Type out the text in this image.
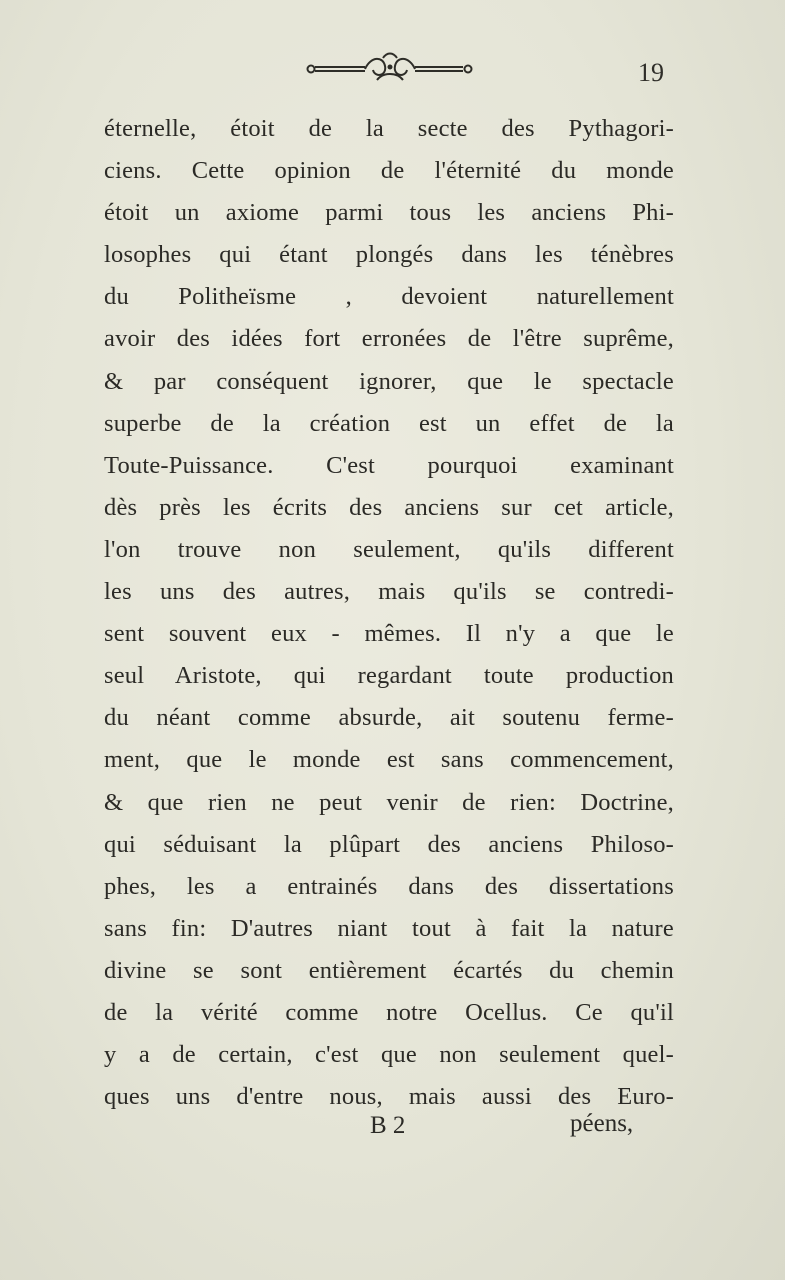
19
éternelle, étoit de la secte des Pythagori-
ciens. Cette opinion de l'éternité du monde
étoit un axiome parmi tous les anciens Phi-
losophes qui étant plongés dans les ténèbres
du Politheïsme , devoient naturellement
avoir des idées fort erronées de l'être suprême,
& par conséquent ignorer, que le spectacle
superbe de la création est un effet de la
Toute-Puissance. C'est pourquoi examinant
dès près les écrits des anciens sur cet article,
l'on trouve non seulement, qu'ils different
les uns des autres, mais qu'ils se contredi-
sent souvent eux - mêmes. Il n'y a que le
seul Aristote, qui regardant toute production
du néant comme absurde, ait soutenu ferme-
ment, que le monde est sans commencement,
& que rien ne peut venir de rien: Doctrine,
qui séduisant la plûpart des anciens Philoso-
phes, les a entrainés dans des dissertations
sans fin: D'autres niant tout à fait la nature
divine se sont entièrement écartés du chemin
de la vérité comme notre Ocellus. Ce qu'il
y a de certain, c'est que non seulement quel-
ques uns d'entre nous, mais aussi des Euro-
B 2	péens,
